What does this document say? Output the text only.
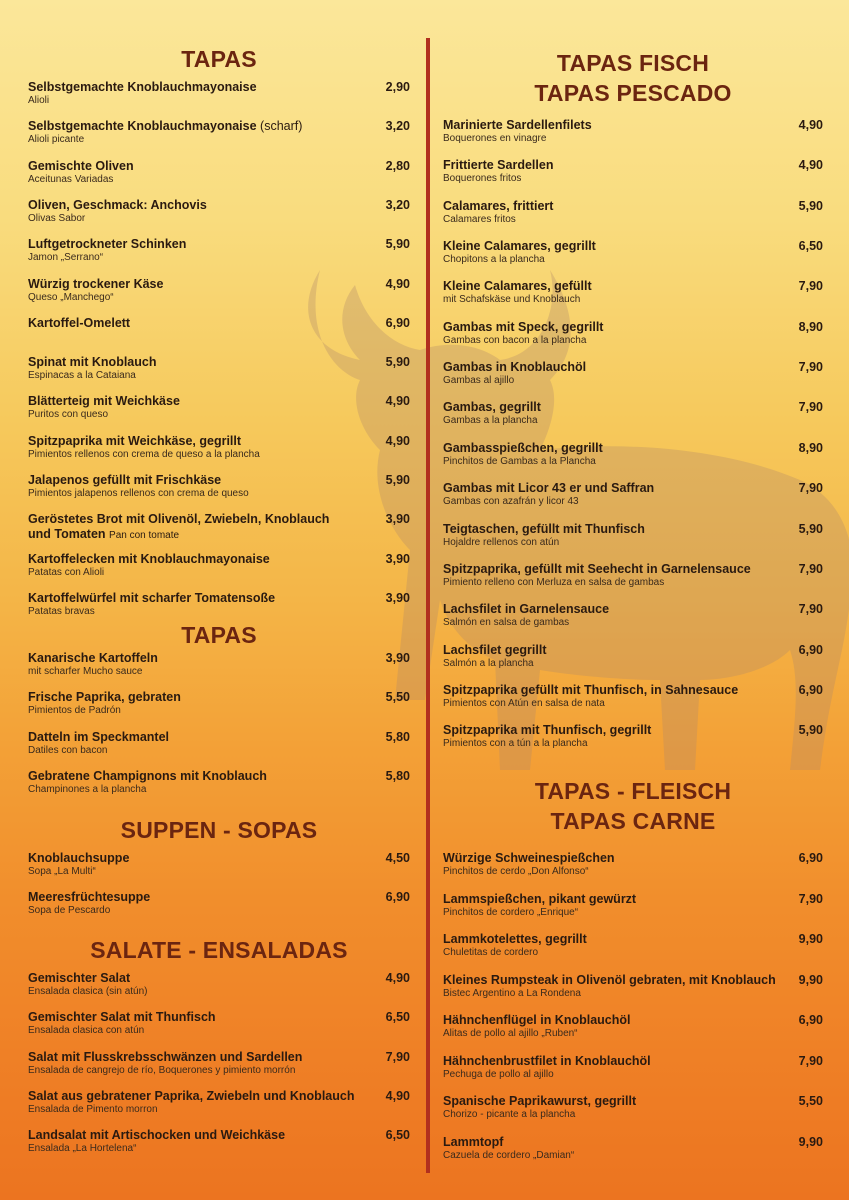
TAPAS
Selbstgemachte Knoblauchmayonaise
Alioli
2,90
Selbstgemachte Knoblauchmayonaise (scharf)
Alioli picante
3,20
Gemischte Oliven
Aceitunas Variadas
2,80
Oliven, Geschmack: Anchovis
Olivas Sabor
3,20
Luftgetrockneter Schinken
Jamon „Serrano“
5,90
Würzig trockener Käse
Queso „Manchego“
4,90
Kartoffel-Omelett	6,90
Spinat mit Knoblauch
Espinacas a la Cataiana
5,90
Blätterteig mit Weichkäse
Puritos con queso
4,90
Spitzpaprika mit Weichkäse, gegrillt
Pimientos rellenos con crema de queso a la plancha
4,90
Jalapenos gefüllt mit Frischkäse
Pimientos jalapenos rellenos con crema de queso
5,90
Geröstetes Brot mit Olivenöl, Zwiebeln, Knoblauch
und Tomaten Pan con tomate
3,90
Kartoffelecken mit Knoblauchmayonaise
Patatas con Alioli
3,90
Kartoffelwürfel mit scharfer Tomatensoße
Patatas bravas
3,90
TAPAS
Kanarische Kartoffeln
mit scharfer Mucho sauce
3,90
Frische Paprika, gebraten
Pimientos de Padrón
5,50
Datteln im Speckmantel
Datiles con bacon
5,80
Gebratene Champignons mit Knoblauch
Champinones a la plancha
5,80
SUPPEN - SOPAS
Knoblauchsuppe
Sopa „La Multi“
4,50
Meeresfrüchtesuppe
Sopa de Pescardo
6,90
SALATE - ENSALADAS
Gemischter Salat
Ensalada clasica (sin atún)
4,90
Gemischter Salat mit Thunfisch
Ensalada clasica con atún
6,50
Salat mit Flusskrebsschwänzen und Sardellen
Ensalada de cangrejo de río, Boquerones y pimiento morrón
7,90
Salat aus gebratener Paprika, Zwiebeln und Knoblauch
Ensalada de Pimento morron
4,90
Landsalat mit Artischocken und Weichkäse
Ensalada „La Hortelena“
6,50
TAPAS FISCH
TAPAS PESCADO
Marinierte Sardellenfilets
Boquerones en vinagre
4,90
Frittierte Sardellen
Boquerones fritos
4,90
Calamares, frittiert
Calamares fritos
5,90
Kleine Calamares, gegrillt
Chopitons a la plancha
6,50
Kleine Calamares, gefüllt
mit Schafskäse und Knoblauch
7,90
Gambas mit Speck, gegrillt
Gambas con bacon a la plancha
8,90
Gambas in Knoblauchöl
Gambas al ajillo
7,90
Gambas, gegrillt
Gambas a la plancha
7,90
Gambasspießchen, gegrillt
Pinchitos de Gambas a la Plancha
8,90
Gambas mit Licor 43 er und Saffran
Gambas con azafrán y licor 43
7,90
Teigtaschen, gefüllt mit Thunfisch
Hojaldre rellenos con atún
5,90
Spitzpaprika, gefüllt mit Seehecht in Garnelensauce
Pimiento relleno con Merluza en salsa de gambas
7,90
Lachsfilet in Garnelensauce
Salmón en salsa de gambas
7,90
Lachsfilet gegrillt
Salmón a la plancha
6,90
Spitzpaprika gefüllt mit Thunfisch, in Sahnesauce
Pimientos con Atún en salsa de nata
6,90
Spitzpaprika mit Thunfisch, gegrillt
Pimientos con a tún a la plancha
5,90
TAPAS - FLEISCH
TAPAS CARNE
Würzige Schweinespießchen
Pinchitos de cerdo „Don Alfonso“
6,90
Lammspießchen, pikant gewürzt
Pinchitos de cordero „Enrique“
7,90
Lammkotelettes, gegrillt
Chuletitas de cordero
9,90
Kleines Rumpsteak in Olivenöl gebraten, mit Knoblauch
Bistec Argentino a La Rondena
9,90
Hähnchenflügel in Knoblauchöl
Alitas de pollo al ajillo „Ruben“
6,90
Hähnchenbrustfilet in Knoblauchöl
Pechuga de pollo al ajillo
7,90
Spanische Paprikawurst, gegrillt
Chorizo - picante a la plancha
5,50
Lammtopf
Cazuela de cordero „Damian“
9,90
